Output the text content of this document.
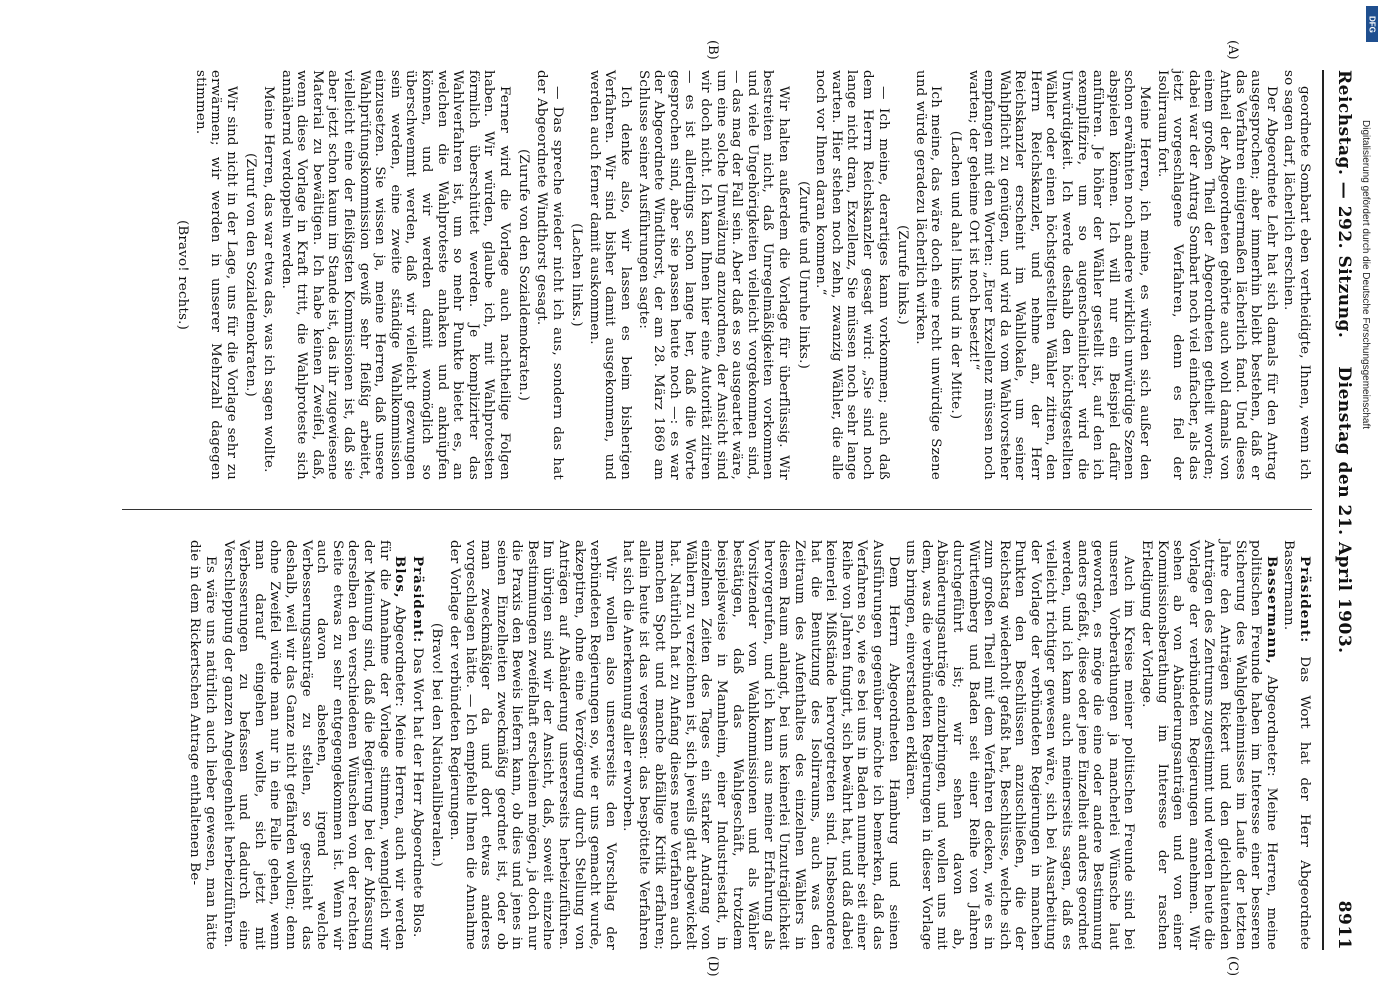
Reichstag. — 292. Sitzung.
Dienstag den 21. April 1903.
8911
(A)
(B)
(C)
(D)

geordnete Sombart eben vertheidigte, Ihnen, wenn ich so sagen darf, lächerlich erschien.

Der Abgeordnete Lehr hat sich damals für den Antrag ausgesprochen; aber immerhin bleibt bestehen, daß er das Verfahren einigermaßen lächerlich fand. Und dieses Antheil der Abgeordneten gehörte auch wohl damals von einem großen Theil der Abgeordneten getheilt worden; dabei war der Antrag Sombart noch viel einfacher, als das jetzt vorgeschlagene Verfahren, denn es fiel der Isolirraum fort.

Meine Herren, ich meine, es würden sich außer den schon erwähnten noch andere wirklich unwürdige Szenen abspielen können. Ich will nur ein Beispiel dafür anführen. Je höher der Wähler gestellt ist, auf den ich exemplifizire, um so augenscheinlicher wird die Unwürdigkeit. Ich werde deshalb den höchstgestellten Wähler oder einen höchstgestellten Wähler zitiren, den Herrn Reichskanzler, und nehme an, der Herr Reichskanzler erscheint im Wahllokale, um seiner Wahlpflicht zu genügen, und wird da vom Wahlvorsteher empfangen mit den Worten: „Euer Exzellenz müssen noch warten; der geheime Ort ist noch besetzt!“

(Lachen und aha! links und in der Mitte.)

Ich meine, das wäre doch eine recht unwürdige Szene und würde geradezu lächerlich wirken.

(Zurufe links.)

— Ich meine, derartiges kann vorkommen; auch daß dem Herrn Reichskanzler gesagt wird: „Sie sind noch lange nicht dran, Exzellenz, Sie müssen noch sehr lange warten. Hier stehen noch zehn, zwanzig Wähler, die alle noch vor Ihnen daran kommen.“

(Zurufe und Unruhe links.)

Wir halten außerdem die Vorlage für überflüssig. Wir bestreiten nicht, daß Unregelmäßigkeiten vorkommen und viele Ungehörigkeiten vielleicht vorgekommen sind, — das mag der Fall sein. Aber daß es so ausgeartet wäre, um eine solche Umwälzung anzuordnen, der Ansicht sind wir doch nicht. Ich kann Ihnen hier eine Autorität zitiren — es ist allerdings schon lange her, daß die Worte gesprochen sind, aber sie passen heute noch —: es war der Abgeordnete Windthorst, der am 28. März 1869 am Schlusse seiner Ausführungen sagte:

Ich denke also, wir lassen es beim bisherigen Verfahren. Wir sind bisher damit ausgekommen, und werden auch ferner damit auskommen.

(Lachen links.)

— Das spreche wieder nicht ich aus, sondern das hat der Abgeordnete Windthorst gesagt.

(Zurufe von den Sozialdemokraten.)

Ferner wird die Vorlage auch nachtheilige Folgen haben. Wir würden, glaube ich, mit Wahlprotesten förmlich überschüttet werden. Je komplizirter das Wahlverfahren ist, um so mehr Punkte bietet es, an welchen die Wahlproteste anhaken und anknüpfen können, und wir werden damit womöglich so überschwemmt werden, daß wir vielleicht gezwungen sein werden, eine zweite ständige Wahlkommission einzusetzen. Sie wissen ja, meine Herren, daß unsere Wahlprüfungskommission gewiß sehr fleißig arbeitet, vielleicht eine der fleißigsten Kommissionen ist, daß sie aber jetzt schon kaum im Stande ist, das ihr zugewiesene Material zu bewältigen. Ich habe keinen Zweifel, daß, wenn diese Vorlage in Kraft tritt, die Wahlproteste sich annähernd verdoppeln werden.

Meine Herren, das war etwa das, was ich sagen wollte.

(Zuruf von den Sozialdemokraten.)

Wir sind nicht in der Lage, uns für die Vorlage sehr zu erwärmen; wir werden in unserer Mehrzahl dagegen stimmen.

(Bravo! rechts.)

Präsident: Das Wort hat der Herr Abgeordnete Bassermann.

Bassermann, Abgeordneter: Meine Herren, meine politischen Freunde haben im Interesse einer besseren Sicherung des Wahlgeheimnisses im Laufe der letzten Jahre den Anträgen Rickert und den gleichlautenden Anträgen des Zentrums zugestimmt und werden heute die Vorlage der verbündeten Regierungen annehmen. Wir sehen ab von Abänderungsanträgen und von einer Kommissionsberathung im Interesse der raschen Erledigung der Vorlage.

Auch im Kreise meiner politischen Freunde sind bei unseren Vorberathungen ja mancherlei Wünsche laut geworden, es möge die eine oder andere Bestimmung anders gefaßt, diese oder jene Einzelheit anders geordnet werden, und ich kann auch meinerseits sagen, daß es vielleicht richtiger gewesen wäre, sich bei Ausarbeitung der Vorlage der verbündeten Regierungen in manchen Punkten den Beschlüssen anzuschließen, die der Reichstag wiederholt gefaßt hat, Beschlüsse, welche sich zum großen Theil mit dem Verfahren decken, wie es in Württemberg und Baden seit einer Reihe von Jahren durchgeführt ist; wir sehen davon ab, Abänderungsanträge einzubringen, und wollen uns mit dem, was die verbündeten Regierungen in dieser Vorlage uns bringen, einverstanden erklären.

Dem Herrn Abgeordneten Hamburg und seinen Ausführungen gegenüber möchte ich bemerken, daß das Verfahren so, wie es bei uns in Baden nunmehr seit einer Reihe von Jahren fungirt, sich bewährt hat, und daß dabei keinerlei Mißstände hervorgetreten sind. Insbesondere hat die Benutzung des Isolirraums, auch was den Zeitraum des Aufenthaltes des einzelnen Wählers in diesem Raum anlangt, bei uns keinerlei Unzuträglichkeit hervorgerufen, und ich kann aus meiner Erfahrung als Vorsitzender von Wahlkommissionen und als Wähler bestätigen, daß das Wahlgeschäft, trotzdem beispielsweise in Mannheim, einer Industriestadt, in einzelnen Zeiten des Tages ein starker Andrang von Wählern zu verzeichnen ist, sich jeweils glatt abgewickelt hat. Natürlich hat zu Anfang dieses neue Verfahren auch manchen Spott und manche abfällige Kritik erfahren; allein heute ist das vergessen: das bespöttelte Verfahren hat sich die Anerkennung aller erworben.

Wir wollen also unsererseits den Vorschlag der verbündeten Regierungen so, wie er uns gemacht wurde, akzeptiren, ohne eine Verzögerung durch Stellung von Anträgen auf Abänderung unsererseits herbeizuführen. Im übrigen sind wir der Ansicht, daß, soweit einzelne Bestimmungen zweifelhaft erscheinen mögen, ja doch nur die Praxis den Beweis liefern kann, ob dies und jenes in seinen Einzelheiten zweckmäßig geordnet ist, oder ob man zweckmäßiger da und dort etwas anderes vorgeschlagen hätte. — Ich empfehle Ihnen die Annahme der Vorlage der verbündeten Regierungen.

(Bravo! bei den Nationalliberalen.)

Präsident: Das Wort hat der Herr Abgeordnete Blos.

Blos, Abgeordneter: Meine Herren, auch wir werden für die Annahme der Vorlage stimmen, wenngleich wir der Meinung sind, daß die Regierung bei der Abfassung derselben den verschiedenen Wünschen von der rechten Seite etwas zu sehr entgegengekommen ist. Wenn wir auch davon absehen, irgend welche Verbesserungsanträge zu stellen, so geschieht das deshalb, weil wir das Ganze nicht gefährden wollen; denn ohne Zweifel würde man nur in eine Falle gehen, wenn man darauf eingehen wollte, sich jetzt mit Verbesserungen zu befassen und dadurch eine Verschleppung der ganzen Angelegenheit herbeizuführen.

Es wäre uns natürlich auch lieber gewesen, man hätte die in dem Rickertschen Antrage enthaltenen Be-

DFG
Digitalisierung gefördert durch die Deutsche Forschungsgemeinschaft
